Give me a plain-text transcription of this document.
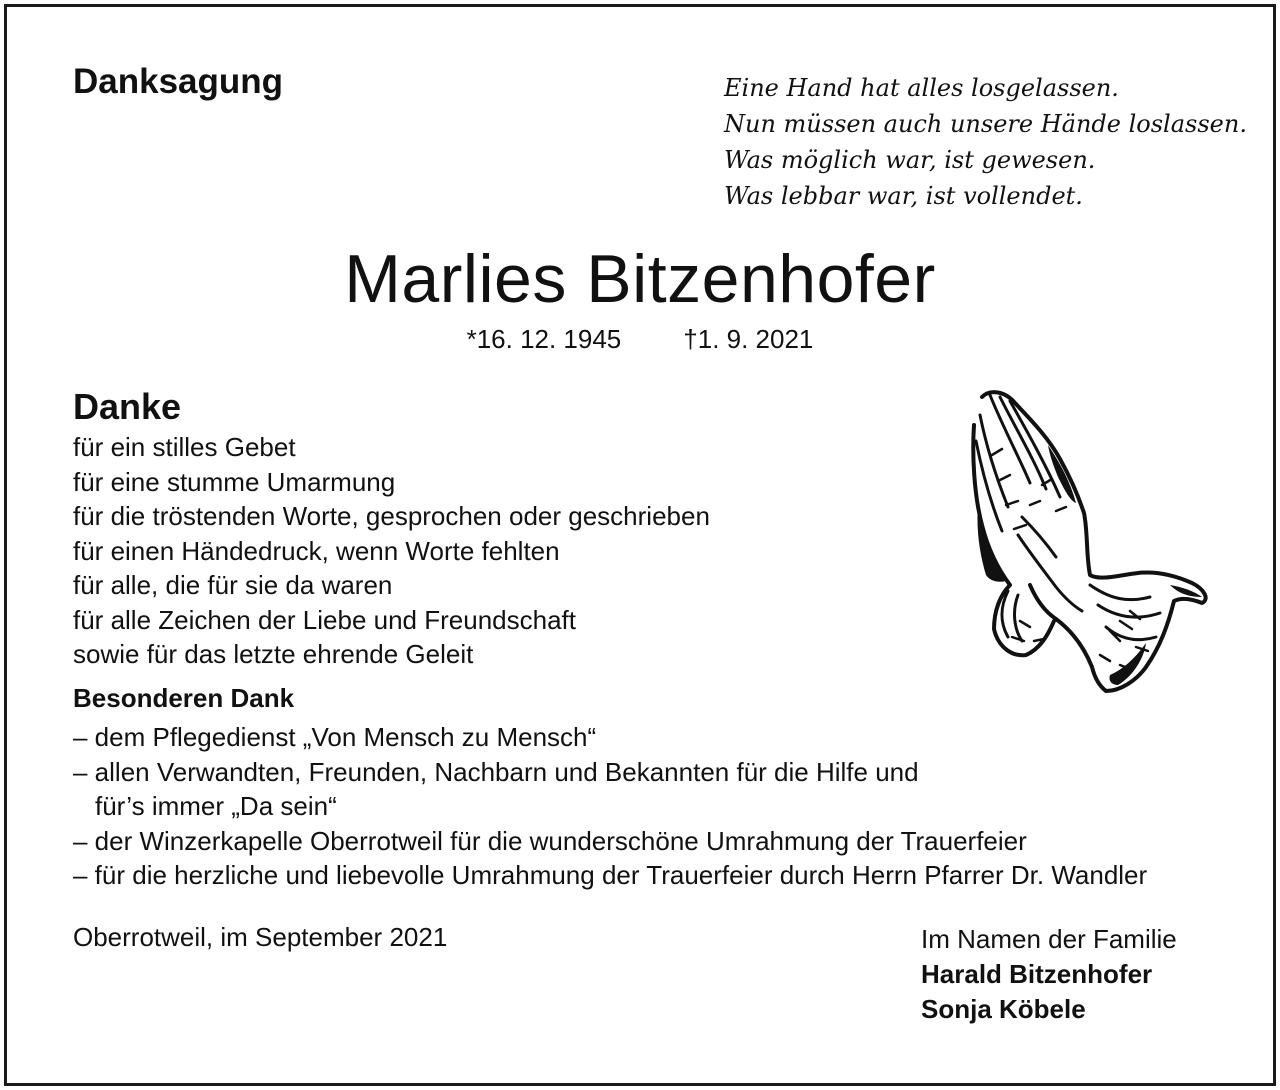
Danksagung	Eine Hand hat alles losgelassen.
Nun müssen auch unsere Hände loslassen.
Was möglich war, ist gewesen.
Was lebbar war, ist vollendet.
Marlies Bitzenhofer
*16. 12. 1945 †1. 9. 2021
Danke
für ein stilles Gebet
für eine stumme Umarmung
für die tröstenden Worte, gesprochen oder geschrieben
für einen Händedruck, wenn Worte fehlten
für alle, die für sie da waren
für alle Zeichen der Liebe und Freundschaft
sowie für das letzte ehrende Geleit
Besonderen Dank
– dem Pflegedienst „Von Mensch zu Mensch“
– allen Verwandten, Freunden, Nachbarn und Bekannten für die Hilfe und
für’s immer „Da sein“
– der Winzerkapelle Oberrotweil für die wunderschöne Umrahmung der Trauerfeier
– für die herzliche und liebevolle Umrahmung der Trauerfeier durch Herrn Pfarrer Dr. Wandler
Oberrotweil, im September 2021	Im Namen der Familie
Harald Bitzenhofer
Sonja Köbele
